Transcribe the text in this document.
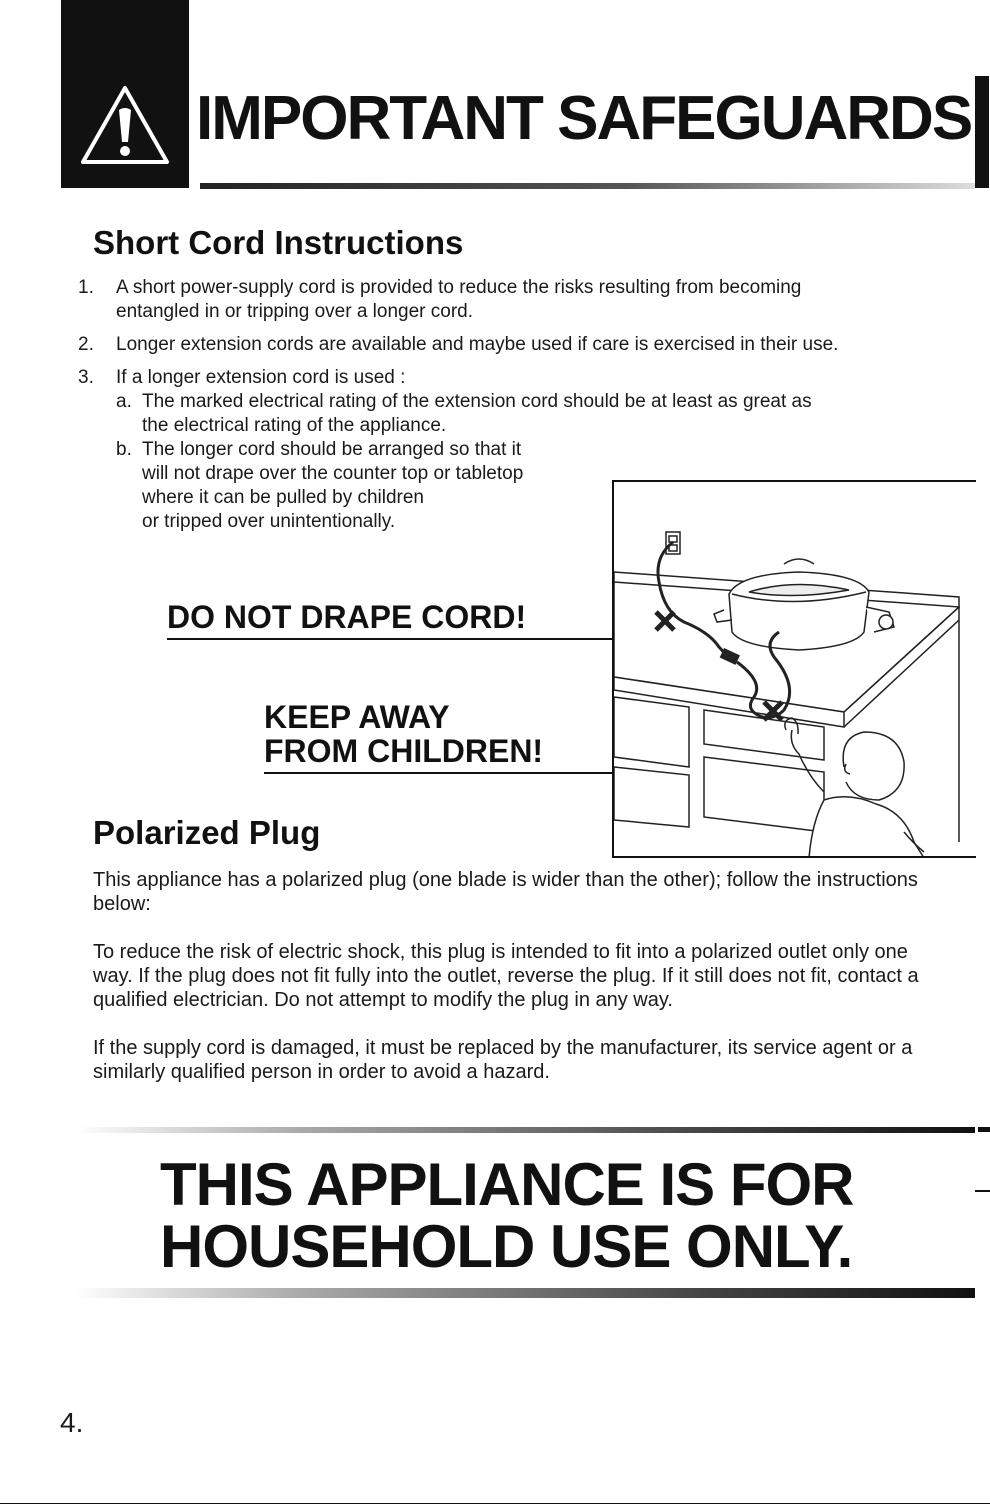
IMPORTANT SAFEGUARDS
Short Cord Instructions
1. A short power-supply cord is provided to reduce the risks resulting from becoming entangled in or tripping over a longer cord.
2. Longer extension cords are available and maybe used if care is exercised in their use.
3. If a longer extension cord is used :
a. The marked electrical rating of the extension cord should be at least as great as the electrical rating of the appliance.
b. The longer cord should be arranged so that it
will not drape over the counter top or tabletop
where it can be pulled by children
or tripped over unintentionally.
DO NOT DRAPE CORD!
KEEP AWAY
FROM CHILDREN!
Polarized Plug

This appliance has a polarized plug (one blade is wider than the other); follow the instructions below:

To reduce the risk of electric shock, this plug is intended to fit into a polarized outlet only one way. If the plug does not fit fully into the outlet, reverse the plug. If it still does not fit, contact a qualified electrician. Do not attempt to modify the plug in any way.

If the supply cord is damaged, it must be replaced by the manufacturer, its service agent or a similarly qualified person in order to avoid a hazard.

THIS APPLIANCE IS FOR
HOUSEHOLD USE ONLY.
4.
